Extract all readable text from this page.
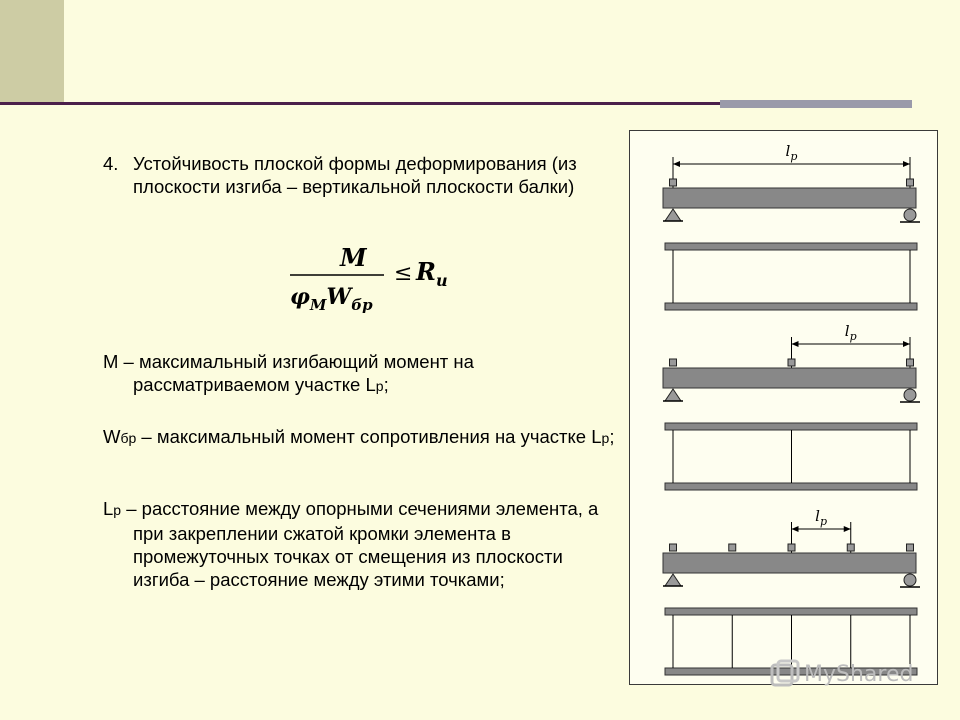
4. Устойчивость плоской формы деформирования (из плоскости изгиба – вертикальной плоскости балки)
M
$\varphi_MW_{бр}$
≤ $R_и$
M – максимальный изгибающий момент на рассматриваемом участке Lp;
Wбр – максимальный момент сопротивления на участке Lp;
Lp – расстояние между опорными сечениями элемента, а при закреплении сжатой кромки элемента в промежуточных точках от смещения из плоскости изгиба – расстояние между этими точками;
$l_p$
$l_p$
$l_p$
MyShared
